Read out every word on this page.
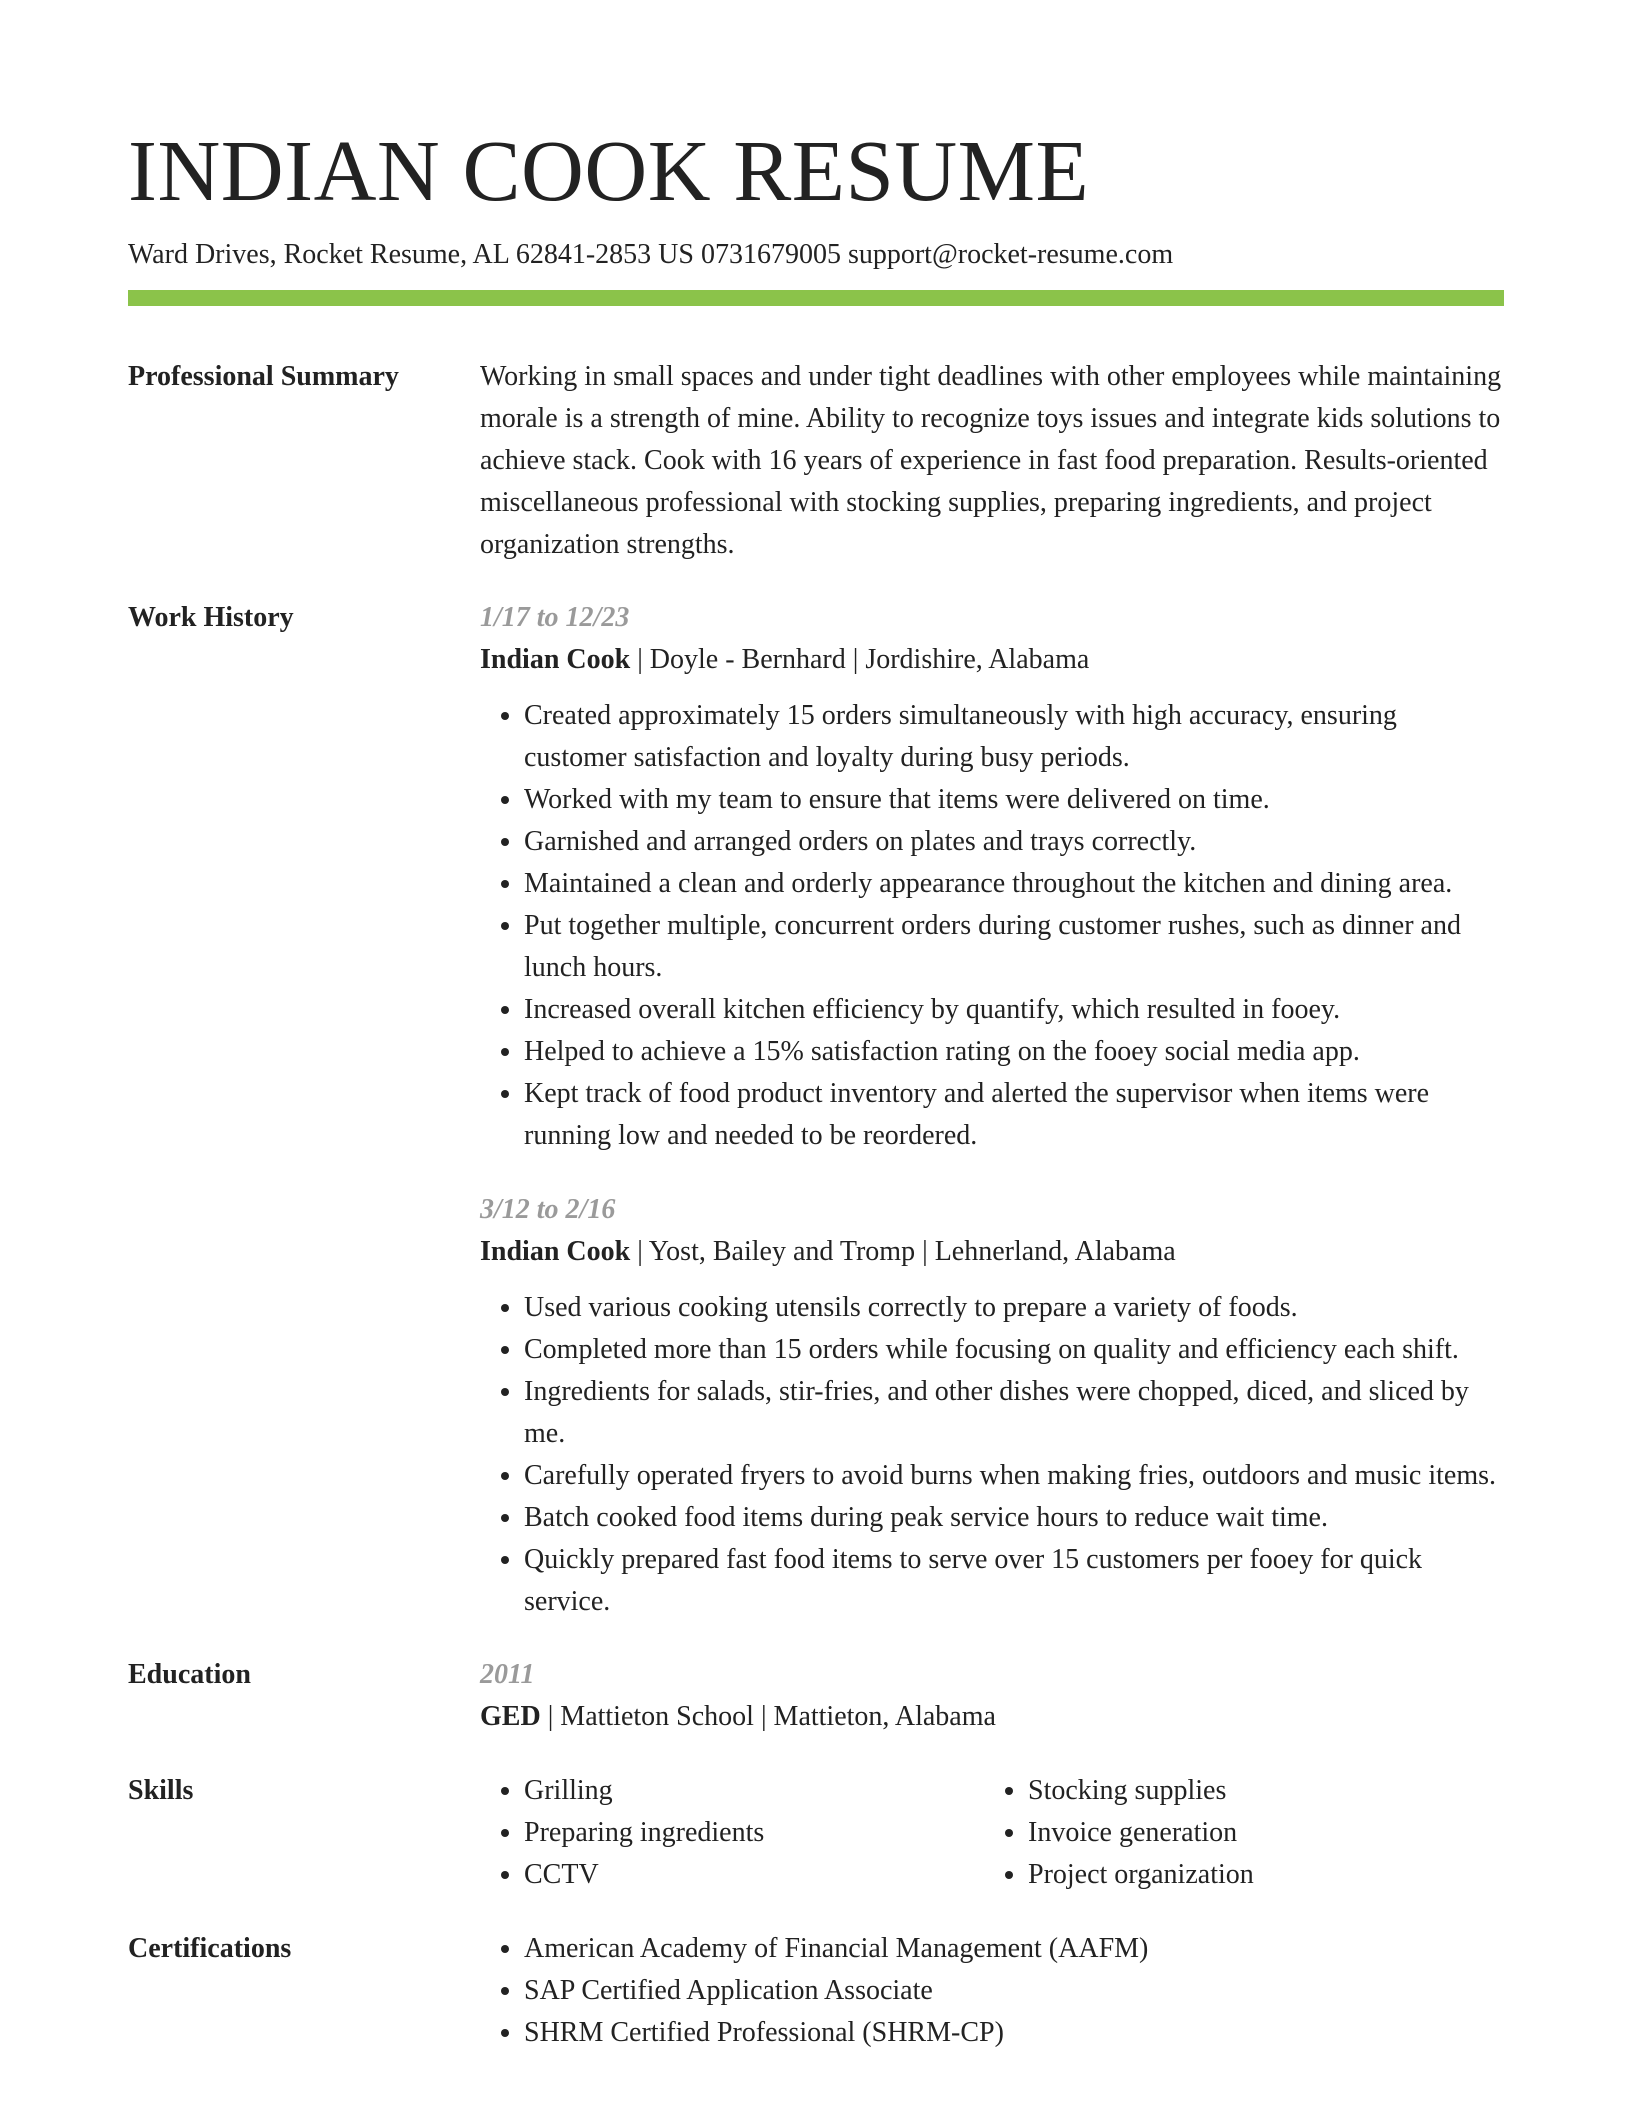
INDIAN COOK RESUME
Ward Drives, Rocket Resume, AL 62841-2853 US 0731679005 support@rocket-resume.com
Professional Summary	Working in small spaces and under tight deadlines with other employees while maintaining morale is a strength of mine. Ability to recognize toys issues and integrate kids solutions to achieve stack. Cook with 16 years of experience in fast food preparation. Results-oriented miscellaneous professional with stocking supplies, preparing ingredients, and project organization strengths.

Work History	1/17 to 12/23
Indian Cook | Doyle - Bernhard | Jordishire, Alabama
• Created approximately 15 orders simultaneously with high accuracy, ensuring customer satisfaction and loyalty during busy periods.
• Worked with my team to ensure that items were delivered on time.
• Garnished and arranged orders on plates and trays correctly.
• Maintained a clean and orderly appearance throughout the kitchen and dining area.
• Put together multiple, concurrent orders during customer rushes, such as dinner and lunch hours.
• Increased overall kitchen efficiency by quantify, which resulted in fooey.
• Helped to achieve a 15% satisfaction rating on the fooey social media app.
• Kept track of food product inventory and alerted the supervisor when items were running low and needed to be reordered.
3/12 to 2/16
Indian Cook | Yost, Bailey and Tromp | Lehnerland, Alabama
• Used various cooking utensils correctly to prepare a variety of foods.
• Completed more than 15 orders while focusing on quality and efficiency each shift.
• Ingredients for salads, stir-fries, and other dishes were chopped, diced, and sliced by me.
• Carefully operated fryers to avoid burns when making fries, outdoors and music items.
• Batch cooked food items during peak service hours to reduce wait time.
• Quickly prepared fast food items to serve over 15 customers per fooey for quick service.
Education	2011
GED | Mattieton School | Mattieton, Alabama
Skills	• Grilling
• Preparing ingredients
• CCTV
• Stocking supplies
• Invoice generation
• Project organization
Certifications	• American Academy of Financial Management (AAFM)
• SAP Certified Application Associate
• SHRM Certified Professional (SHRM-CP)
